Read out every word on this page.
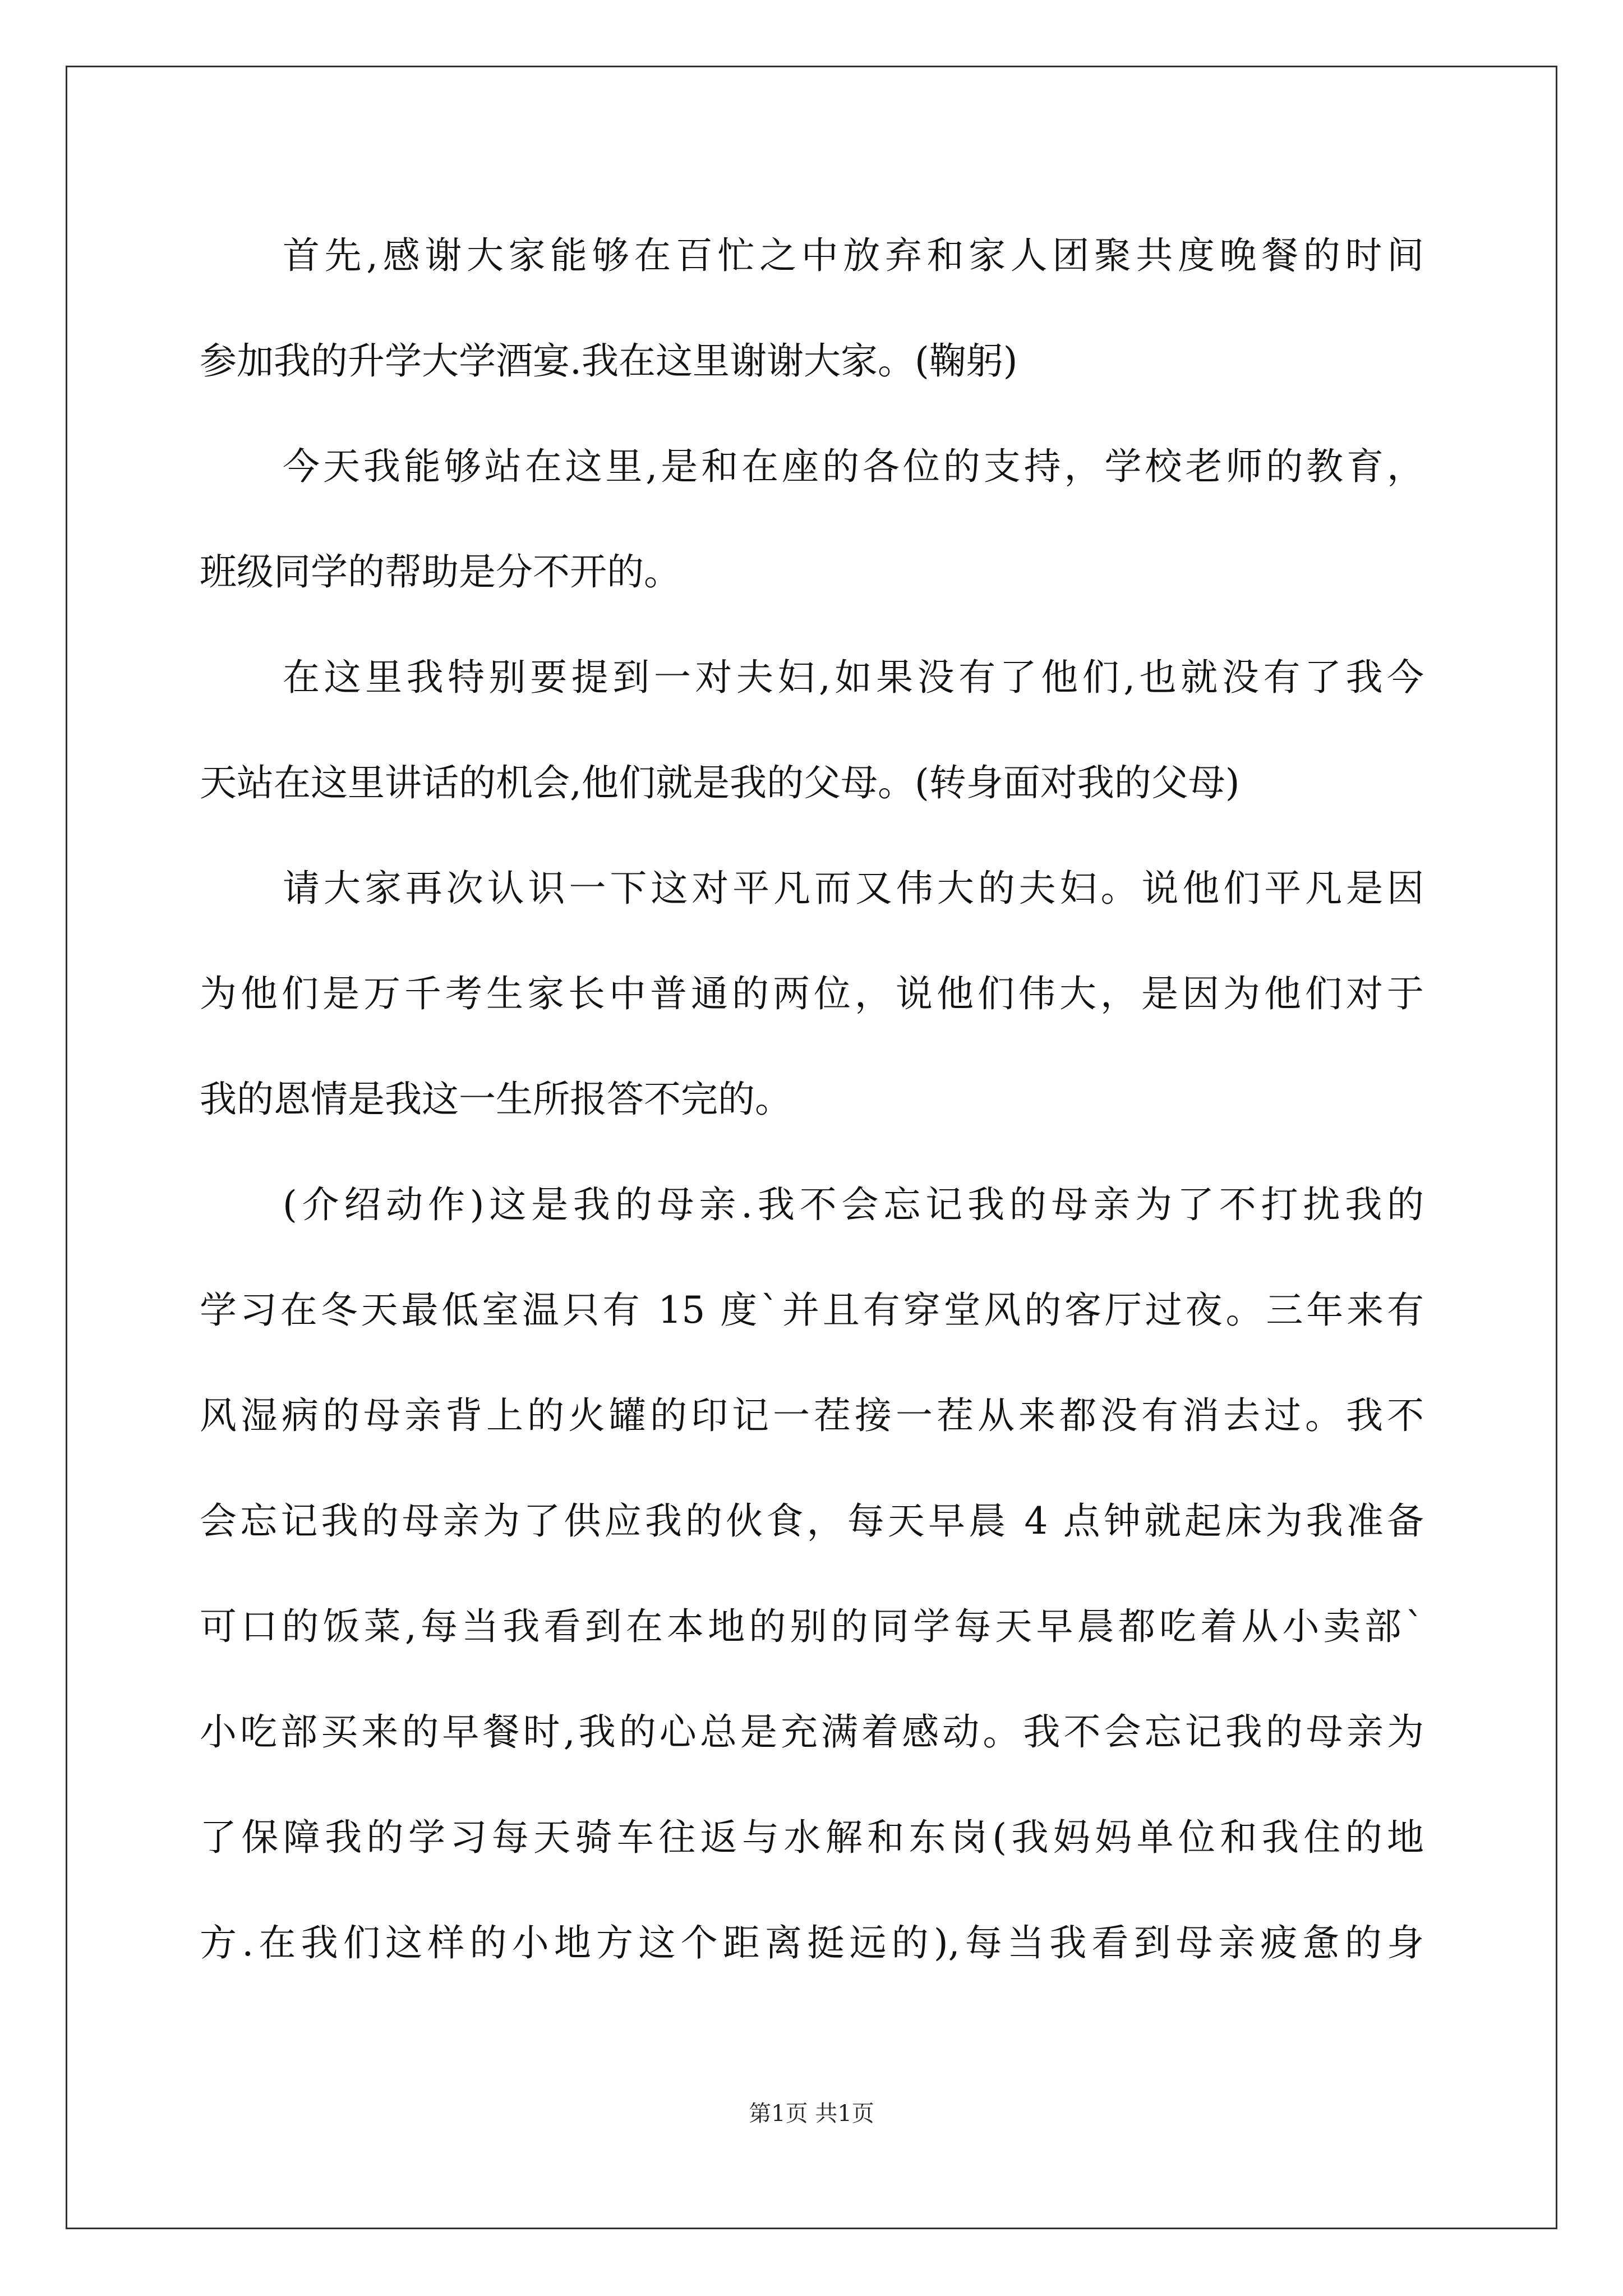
首先,感谢大家能够在百忙之中放弃和家人团聚共度晚餐的时间
参加我的升学大学酒宴.我在这里谢谢大家。(鞠躬)
今天我能够站在这里,是和在座的各位的支持，学校老师的教育，
班级同学的帮助是分不开的。
在这里我特别要提到一对夫妇,如果没有了他们,也就没有了我今
天站在这里讲话的机会,他们就是我的父母。(转身面对我的父母)
请大家再次认识一下这对平凡而又伟大的夫妇。说他们平凡是因
为他们是万千考生家长中普通的两位，说他们伟大，是因为他们对于
我的恩情是我这一生所报答不完的。
(介绍动作)这是我的母亲.我不会忘记我的母亲为了不打扰我的
学习在冬天最低室温只有 15 度`并且有穿堂风的客厅过夜。三年来有
风湿病的母亲背上的火罐的印记一茬接一茬从来都没有消去过。我不
会忘记我的母亲为了供应我的伙食，每天早晨 4 点钟就起床为我准备
可口的饭菜,每当我看到在本地的别的同学每天早晨都吃着从小卖部`
小吃部买来的早餐时,我的心总是充满着感动。我不会忘记我的母亲为
了保障我的学习每天骑车往返与水解和东岗(我妈妈单位和我住的地
方.在我们这样的小地方这个距离挺远的),每当我看到母亲疲惫的身
第1页 共1页
